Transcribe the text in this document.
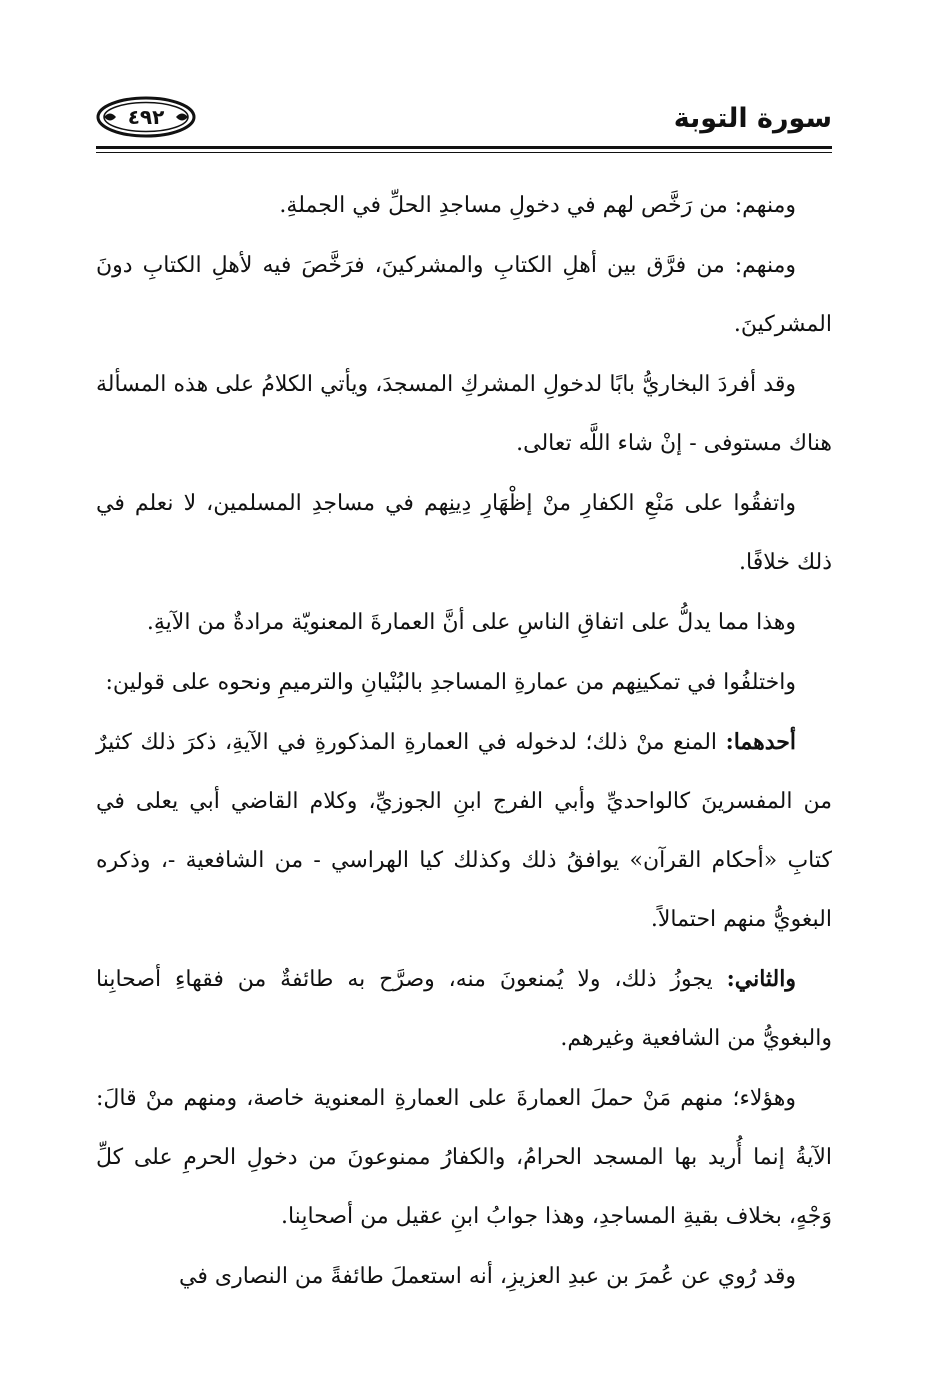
سورة التوبة
٤٩٢

ومنهم: من رَخَّص لهم في دخولِ مساجدِ الحلِّ في الجملةِ.

ومنهم: من فرَّق بين أهلِ الكتابِ والمشركينَ، فرَخَّصَ فيه لأهلِ الكتابِ دونَ المشركينَ.

وقد أفردَ البخاريُّ بابًا لدخولِ المشركِ المسجدَ، ويأتي الكلامُ على هذه المسألة هناك مستوفى - إنْ شاء اللَّه تعالى.

واتفقُوا على مَنْعِ الكفارِ منْ إظْهَارِ دِينِهم في مساجدِ المسلمين، لا نعلم في ذلك خلافًا.

وهذا مما يدلُّ على اتفاقِ الناسِ على أنَّ العمارةَ المعنويّة مرادةٌ من الآيةِ.

واختلفُوا في تمكينِهم من عمارةِ المساجدِ بالبُنْيانِ والترميمِ ونحوه على قولين:

أحدهما: المنع منْ ذلك؛ لدخوله في العمارةِ المذكورةِ في الآيةِ، ذكرَ ذلك كثيرٌ من المفسرينَ كالواحديِّ وأبي الفرج ابنِ الجوزيِّ، وكلام القاضي أبي يعلى في كتابِ «أحكام القرآن» يوافقُ ذلك وكذلك كيا الهراسي - من الشافعية -، وذكره البغويُّ منهم احتمالاً.

والثاني: يجوزُ ذلك، ولا يُمنعونَ منه، وصرَّح به طائفةٌ من فقهاءِ أصحابِنا والبغويُّ من الشافعية وغيرهم.

وهؤلاء؛ منهم مَنْ حملَ العمارةَ على العمارةِ المعنوية خاصة، ومنهم منْ قالَ: الآيةُ إنما أُريد بها المسجد الحرامُ، والكفارُ ممنوعونَ من دخولِ الحرمِ على كلِّ وَجْهٍ، بخلاف بقيةِ المساجدِ، وهذا جوابُ ابنِ عقيل من أصحابِنا.

وقد رُوي عن عُمرَ بن عبدِ العزيزِ، أنه استعملَ طائفةً من النصارى في
